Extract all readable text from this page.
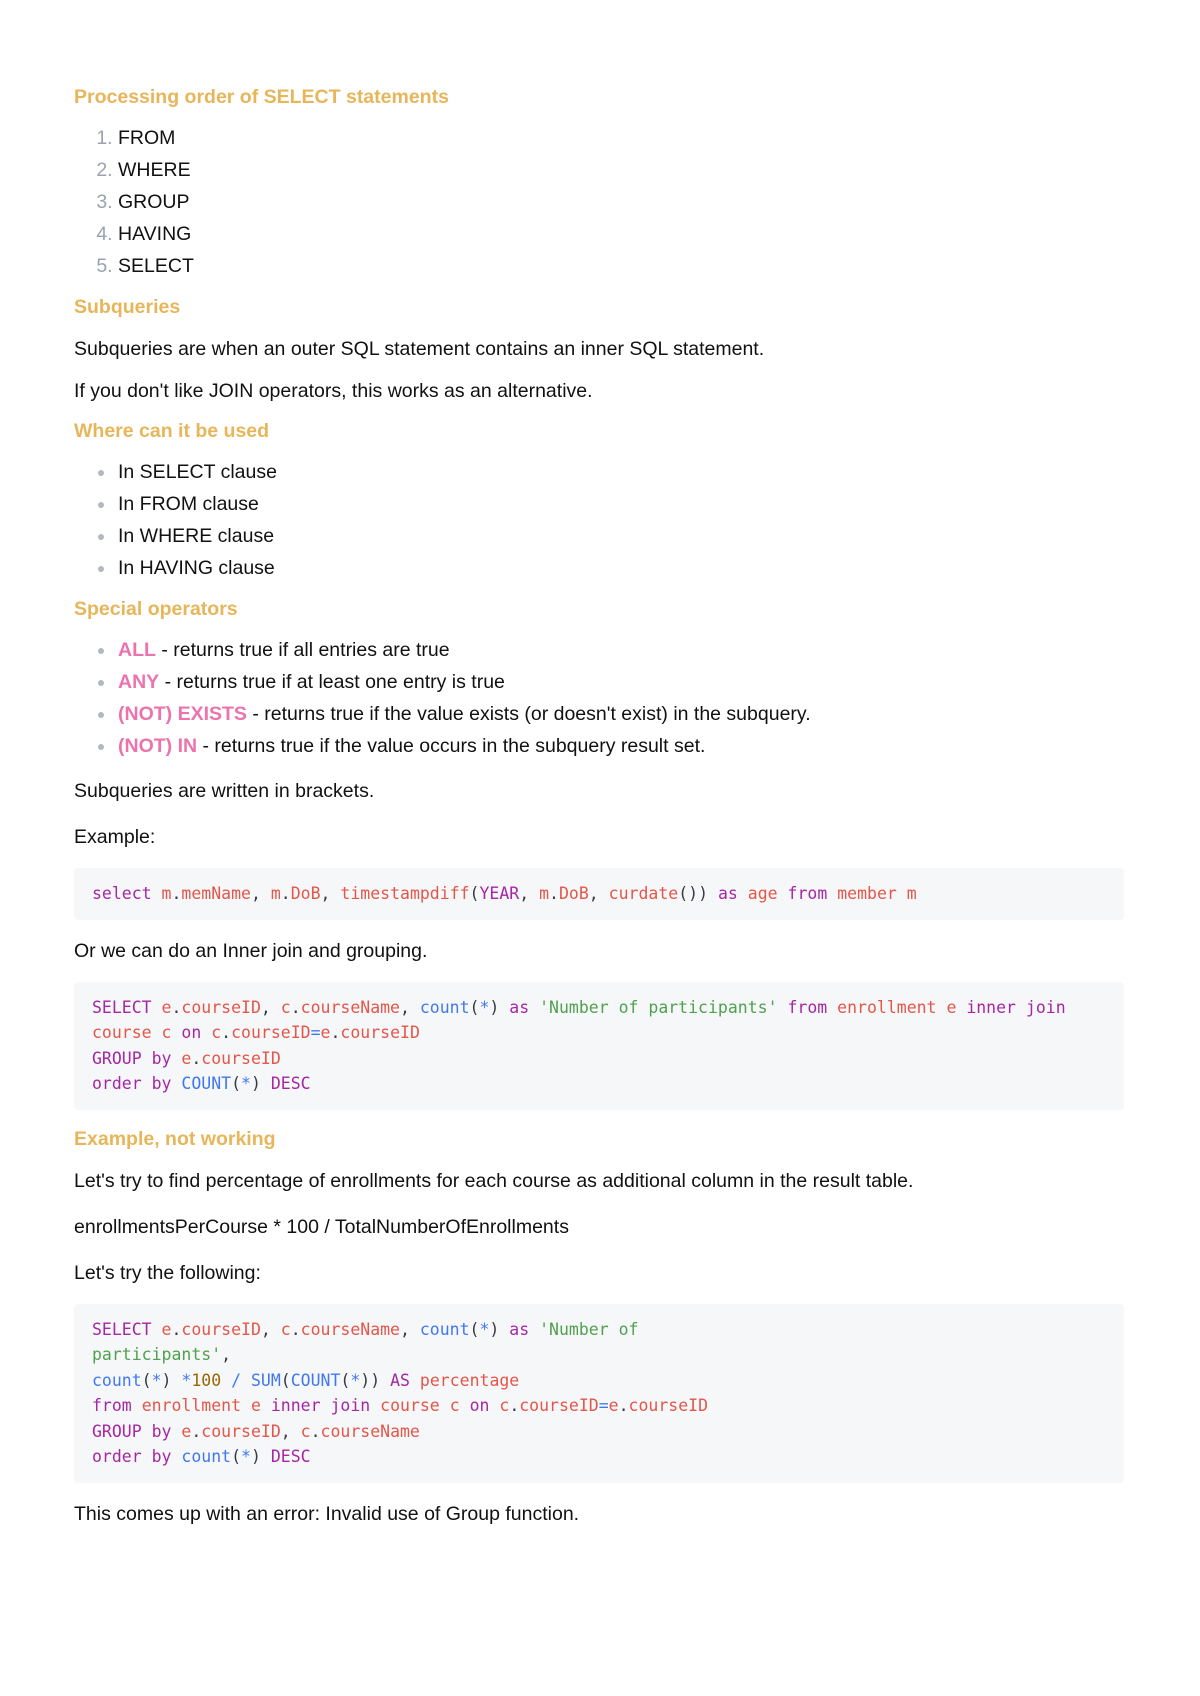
Processing order of SELECT statements
1. FROM
2. WHERE
3. GROUP
4. HAVING
5. SELECT
Subqueries

Subqueries are when an outer SQL statement contains an inner SQL statement.

If you don't like JOIN operators, this works as an alternative.

Where can it be used
In SELECT clause
In FROM clause
In WHERE clause
In HAVING clause
Special operators
ALL - returns true if all entries are true
ANY - returns true if at least one entry is true
(NOT) EXISTS - returns true if the value exists (or doesn't exist) in the subquery.
(NOT) IN - returns true if the value occurs in the subquery result set.

Subqueries are written in brackets.

Example:

select m.memName, m.DoB, timestampdiff(YEAR, m.DoB, curdate()) as age from member m

Or we can do an Inner join and grouping.

SELECT e.courseID, c.courseName, count(*) as 'Number of participants' from enrollment e inner join
course c on c.courseID=e.courseID
GROUP by e.courseID
order by COUNT(*) DESC
Example, not working

Let's try to find percentage of enrollments for each course as additional column in the result table.

enrollmentsPerCourse * 100 / TotalNumberOfEnrollments

Let's try the following:

SELECT e.courseID, c.courseName, count(*) as 'Number of
participants',
count(*) *100 / SUM(COUNT(*)) AS percentage
from enrollment e inner join course c on c.courseID=e.courseID
GROUP by e.courseID, c.courseName
order by count(*) DESC

This comes up with an error: Invalid use of Group function.
